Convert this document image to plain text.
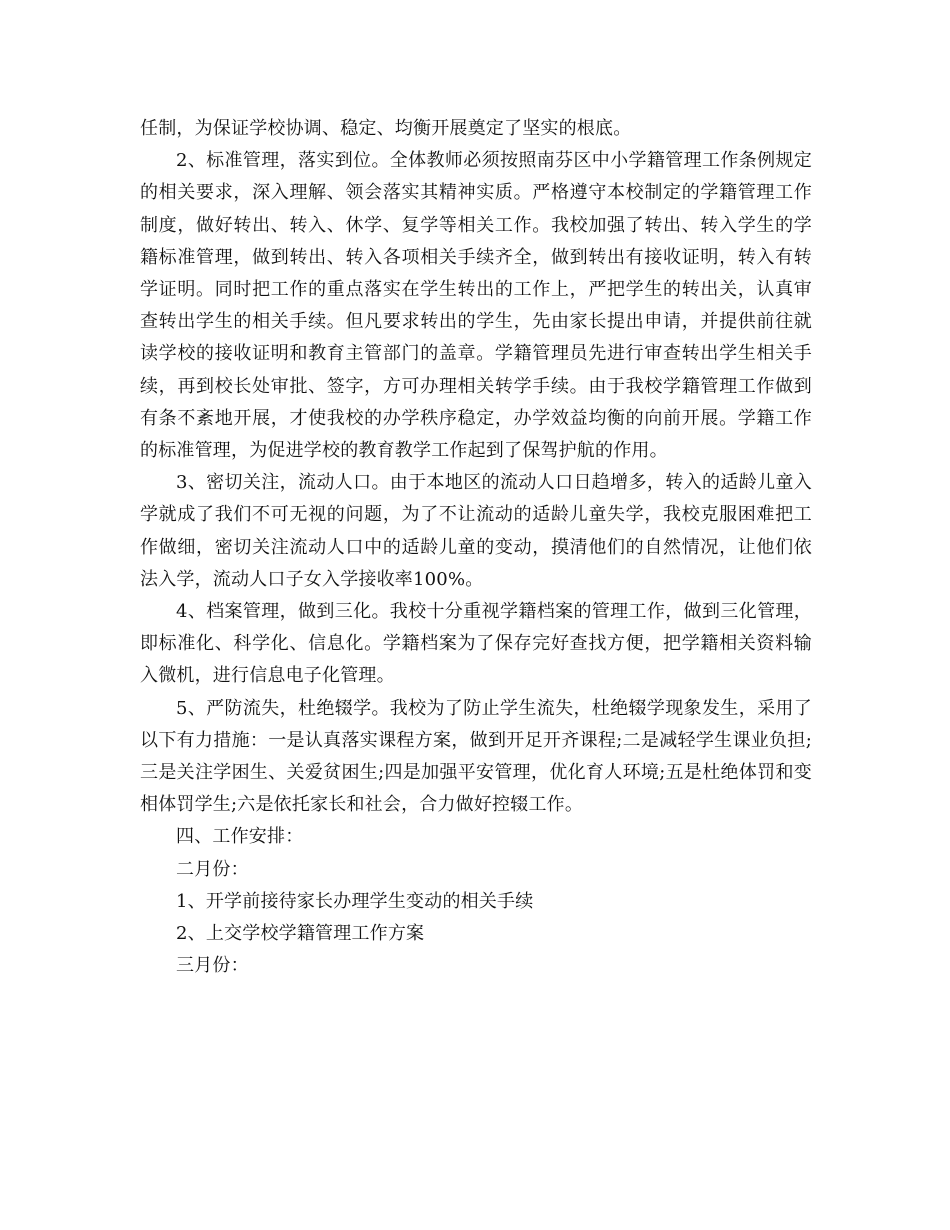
任制，为保证学校协调、稳定、均衡开展奠定了坚实的根底。

2、标准管理，落实到位。全体教师必须按照南芬区中小学籍管理工作条例规定的相关要求，深入理解、领会落实其精神实质。严格遵守本校制定的学籍管理工作制度，做好转出、转入、休学、复学等相关工作。我校加强了转出、转入学生的学籍标准管理，做到转出、转入各项相关手续齐全，做到转出有接收证明，转入有转学证明。同时把工作的重点落实在学生转出的工作上，严把学生的转出关，认真审查转出学生的相关手续。但凡要求转出的学生，先由家长提出申请，并提供前往就读学校的接收证明和教育主管部门的盖章。学籍管理员先进行审查转出学生相关手续，再到校长处审批、签字，方可办理相关转学手续。由于我校学籍管理工作做到有条不紊地开展，才使我校的办学秩序稳定，办学效益均衡的向前开展。学籍工作的标准管理，为促进学校的教育教学工作起到了保驾护航的作用。

3、密切关注，流动人口。由于本地区的流动人口日趋增多，转入的适龄儿童入学就成了我们不可无视的问题，为了不让流动的适龄儿童失学，我校克服困难把工作做细，密切关注流动人口中的适龄儿童的变动，摸清他们的自然情况，让他们依法入学，流动人口子女入学接收率100%。

4、档案管理，做到三化。我校十分重视学籍档案的管理工作，做到三化管理，即标准化、科学化、信息化。学籍档案为了保存完好查找方便，把学籍相关资料输入微机，进行信息电子化管理。

5、严防流失，杜绝辍学。我校为了防止学生流失，杜绝辍学现象发生，采用了以下有力措施：一是认真落实课程方案，做到开足开齐课程;二是减轻学生课业负担;三是关注学困生、关爱贫困生;四是加强平安管理，优化育人环境;五是杜绝体罚和变相体罚学生;六是依托家长和社会，合力做好控辍工作。

四、工作安排：

二月份：

1、开学前接待家长办理学生变动的相关手续

2、上交学校学籍管理工作方案

三月份：
